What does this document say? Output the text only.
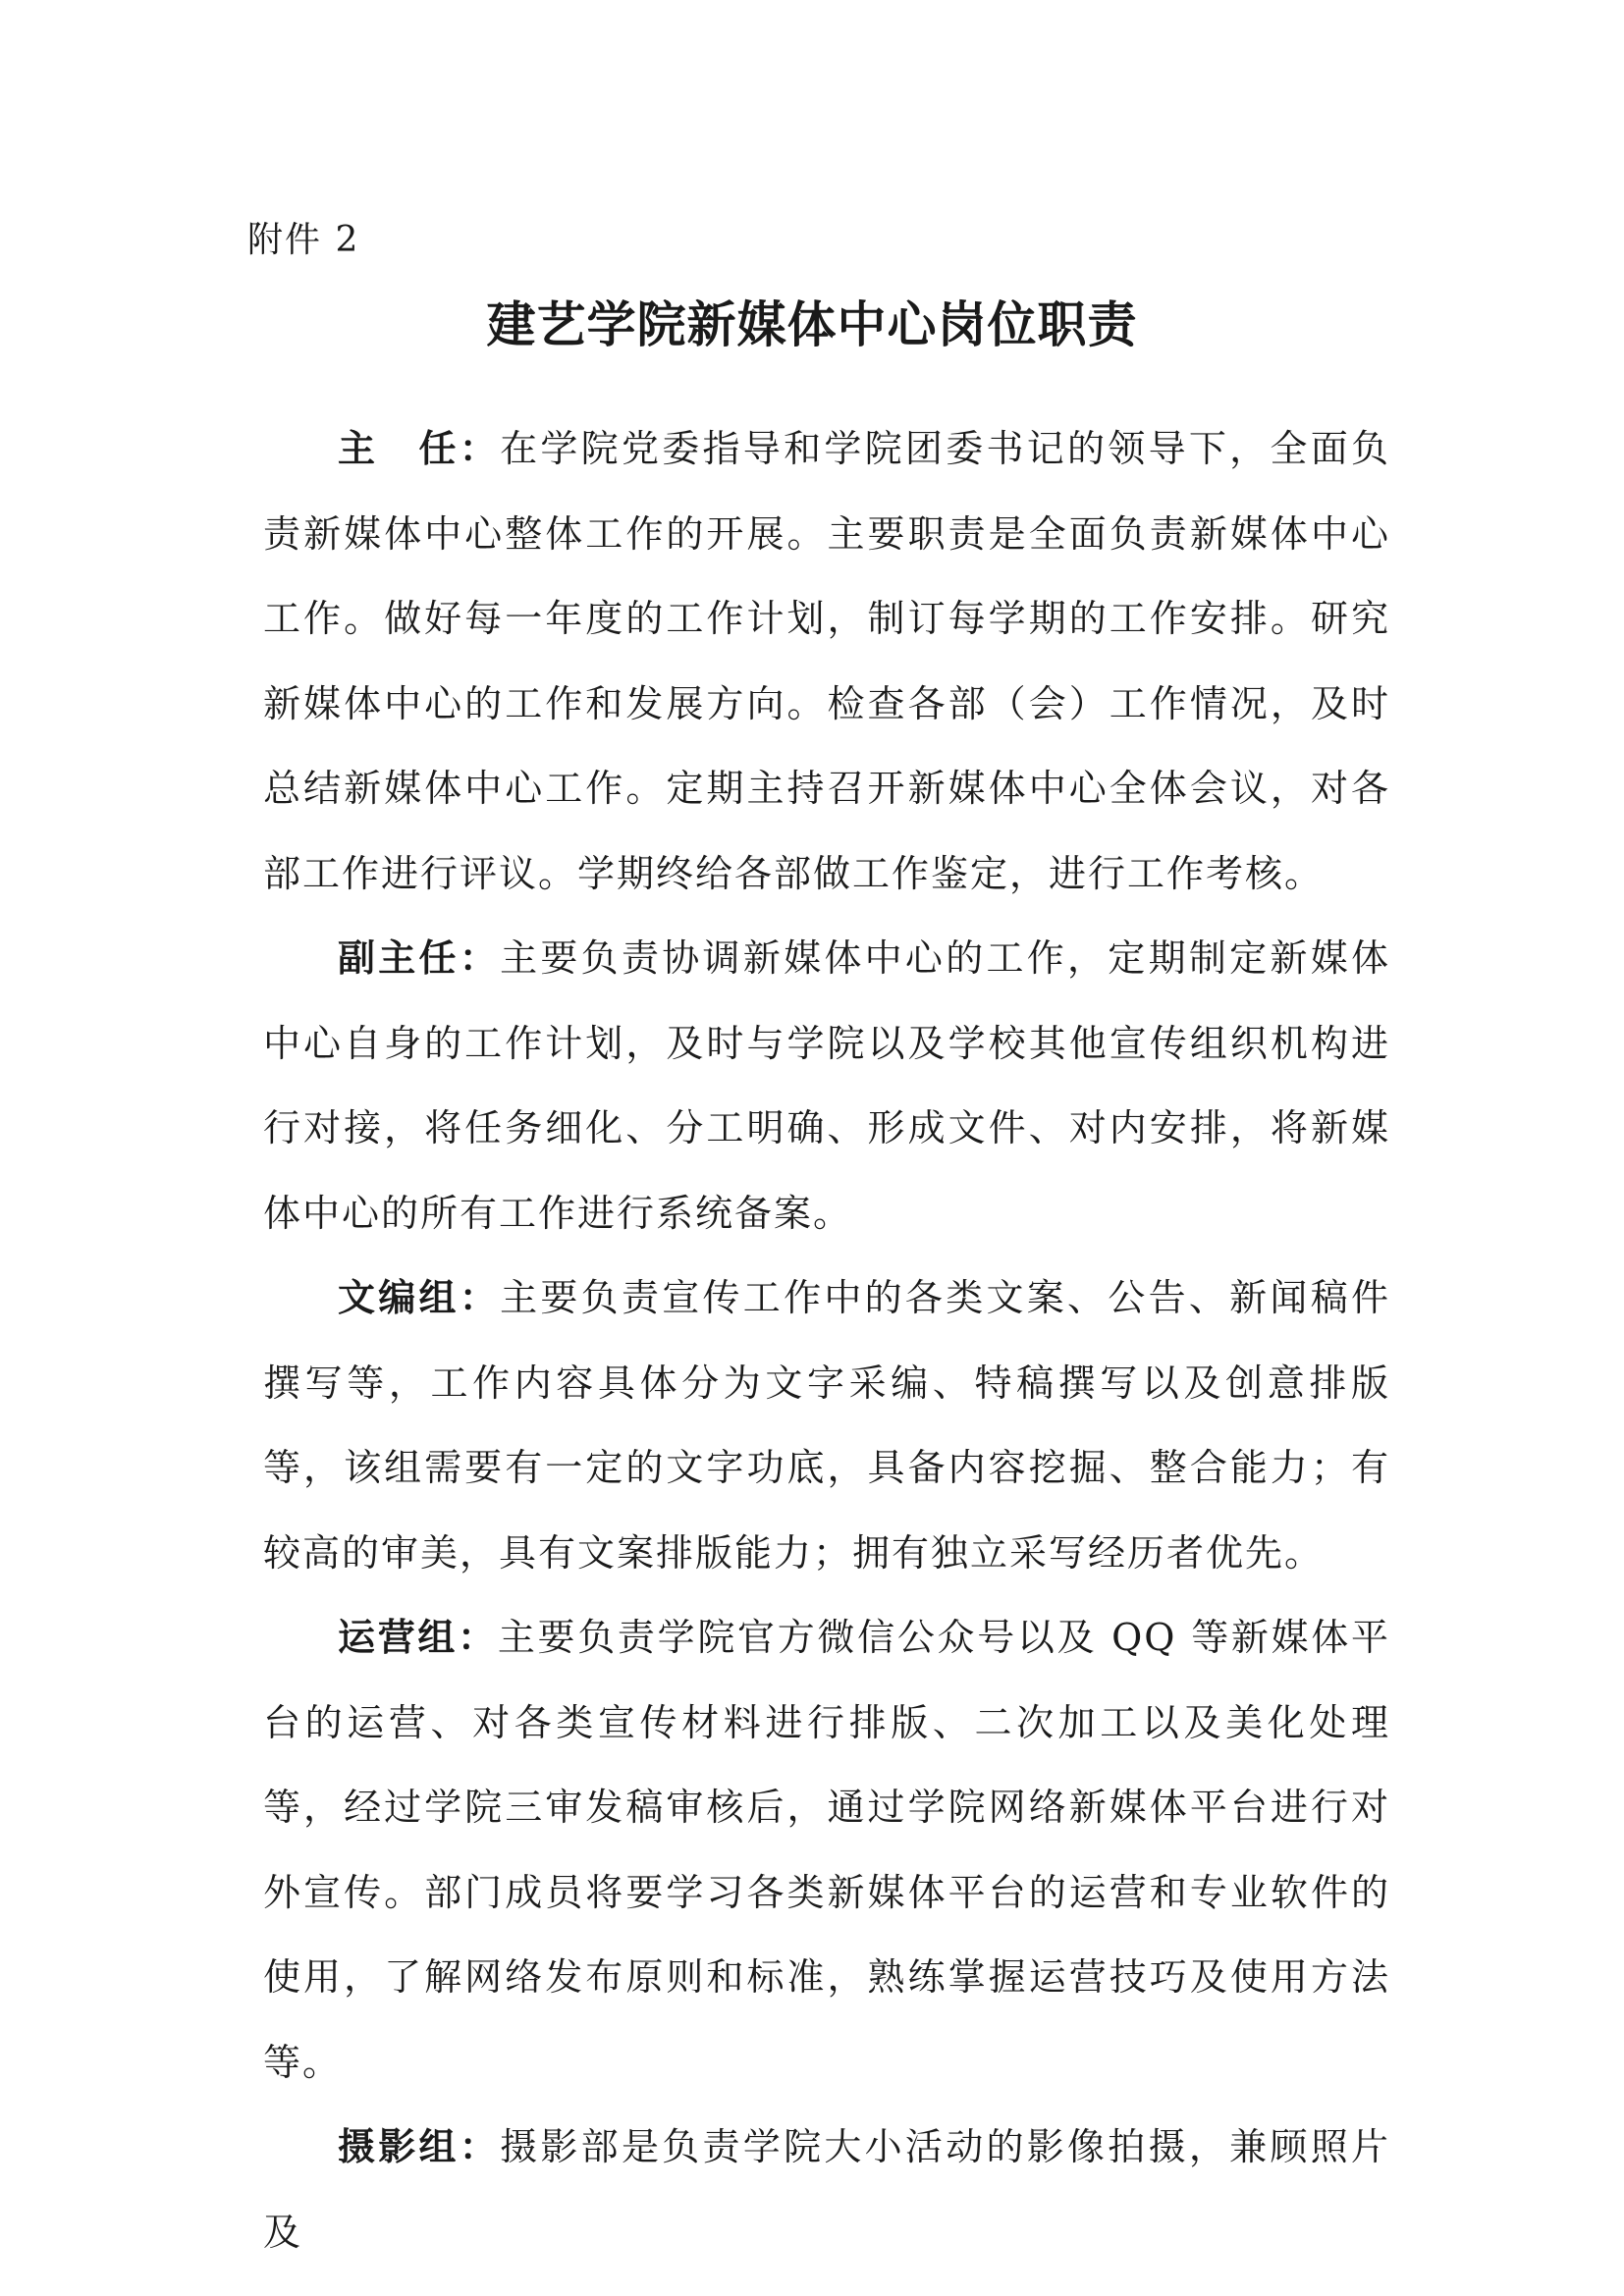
附件 2
建艺学院新媒体中心岗位职责

主　任：在学院党委指导和学院团委书记的领导下，全面负责新媒体中心整体工作的开展。主要职责是全面负责新媒体中心工作。做好每一年度的工作计划，制订每学期的工作安排。研究新媒体中心的工作和发展方向。检查各部（会）工作情况，及时总结新媒体中心工作。定期主持召开新媒体中心全体会议，对各部工作进行评议。学期终给各部做工作鉴定，进行工作考核。

副主任：主要负责协调新媒体中心的工作，定期制定新媒体中心自身的工作计划，及时与学院以及学校其他宣传组织机构进行对接，将任务细化、分工明确、形成文件、对内安排，将新媒体中心的所有工作进行系统备案。

文编组：主要负责宣传工作中的各类文案、公告、新闻稿件撰写等，工作内容具体分为文字采编、特稿撰写以及创意排版等，该组需要有一定的文字功底，具备内容挖掘、整合能力；有较高的审美，具有文案排版能力；拥有独立采写经历者优先。

运营组：主要负责学院官方微信公众号以及 QQ 等新媒体平台的运营、对各类宣传材料进行排版、二次加工以及美化处理等，经过学院三审发稿审核后，通过学院网络新媒体平台进行对外宣传。部门成员将要学习各类新媒体平台的运营和专业软件的使用，了解网络发布原则和标准，熟练掌握运营技巧及使用方法等。

摄影组：摄影部是负责学院大小活动的影像拍摄，兼顾照片及
